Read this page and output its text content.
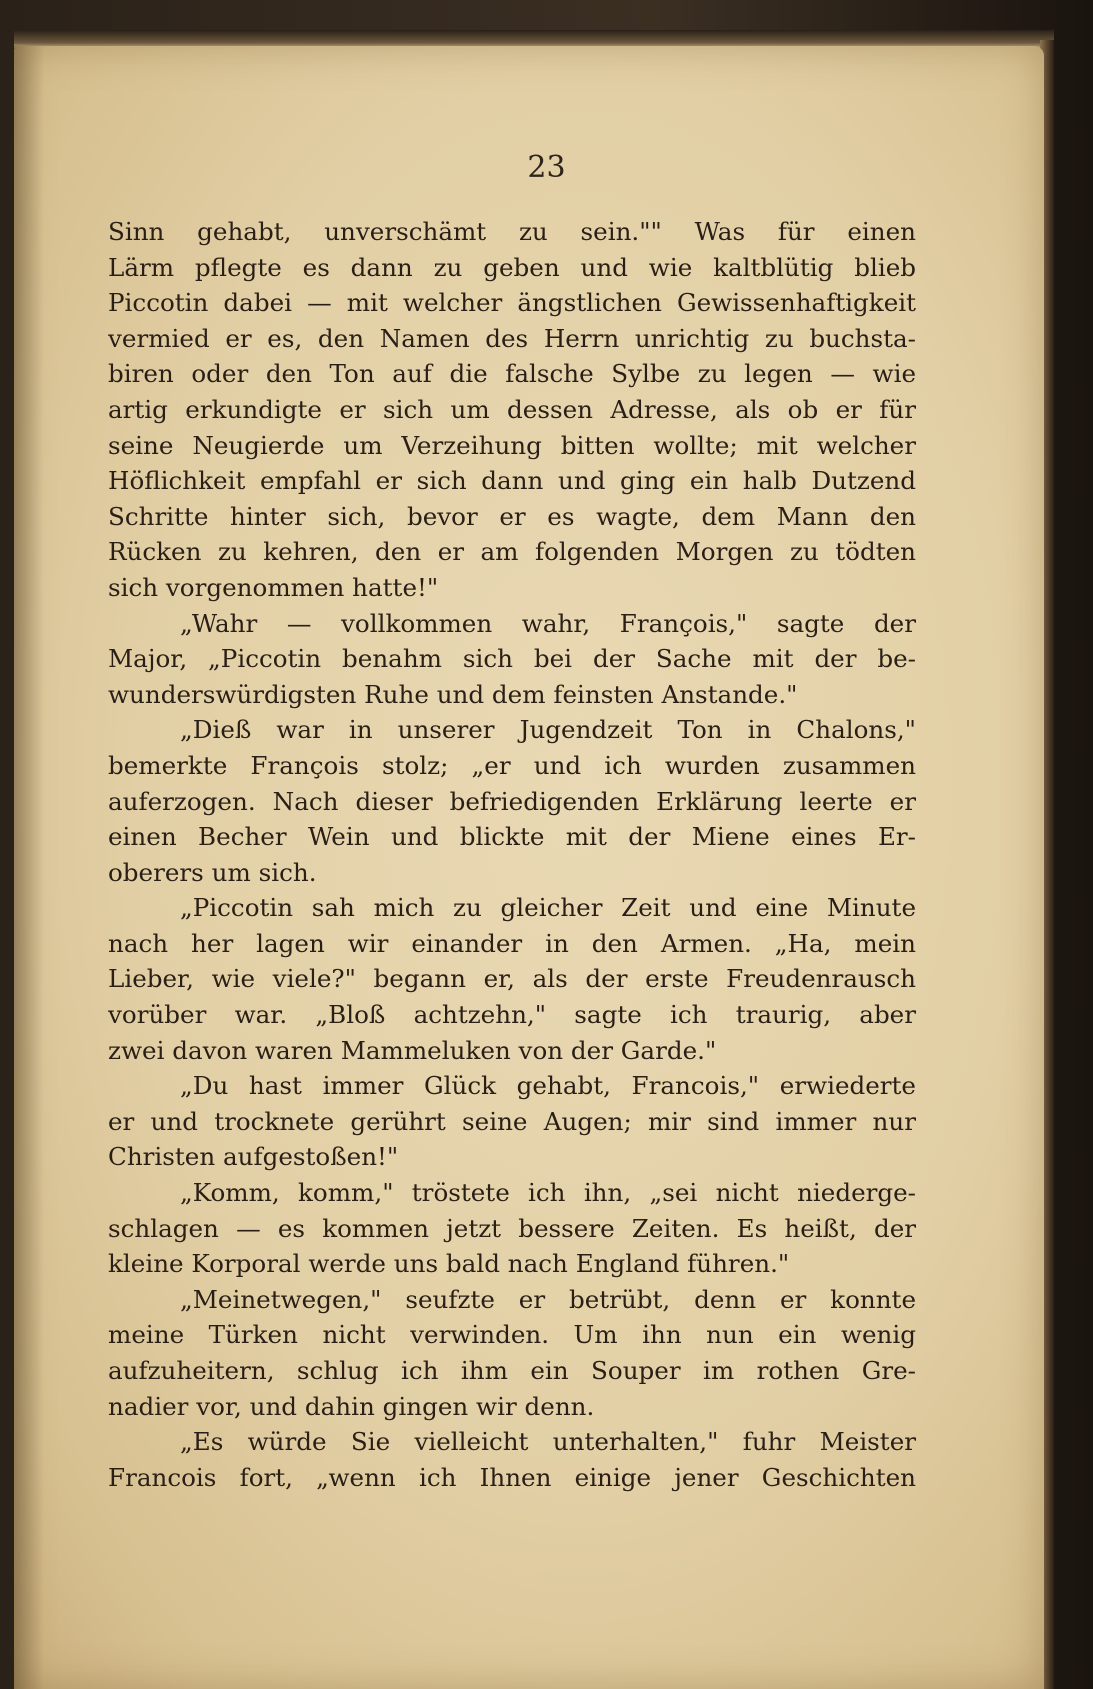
23
Sinn gehabt, unverschämt zu sein."" Was für einen
Lärm pflegte es dann zu geben und wie kaltblütig blieb
Piccotin dabei — mit welcher ängstlichen Gewissenhaftigkeit
vermied er es, den Namen des Herrn unrichtig zu buchsta-
biren oder den Ton auf die falsche Sylbe zu legen — wie
artig erkundigte er sich um dessen Adresse, als ob er für
seine Neugierde um Verzeihung bitten wollte; mit welcher
Höflichkeit empfahl er sich dann und ging ein halb Dutzend
Schritte hinter sich, bevor er es wagte, dem Mann den
Rücken zu kehren, den er am folgenden Morgen zu tödten
sich vorgenommen hatte!"
„Wahr — vollkommen wahr, François," sagte der
Major, „Piccotin benahm sich bei der Sache mit der be-
wunderswürdigsten Ruhe und dem feinsten Anstande."
„Dieß war in unserer Jugendzeit Ton in Chalons,"
bemerkte François stolz; „er und ich wurden zusammen
auferzogen. Nach dieser befriedigenden Erklärung leerte er
einen Becher Wein und blickte mit der Miene eines Er-
oberers um sich.
„Piccotin sah mich zu gleicher Zeit und eine Minute
nach her lagen wir einander in den Armen. „Ha, mein
Lieber, wie viele?" begann er, als der erste Freudenrausch
vorüber war. „Bloß achtzehn," sagte ich traurig, aber
zwei davon waren Mammeluken von der Garde."
„Du hast immer Glück gehabt, Francois," erwiederte
er und trocknete gerührt seine Augen; mir sind immer nur
Christen aufgestoßen!"
„Komm, komm," tröstete ich ihn, „sei nicht niederge-
schlagen — es kommen jetzt bessere Zeiten. Es heißt, der
kleine Korporal werde uns bald nach England führen."
„Meinetwegen," seufzte er betrübt, denn er konnte
meine Türken nicht verwinden. Um ihn nun ein wenig
aufzuheitern, schlug ich ihm ein Souper im rothen Gre-
nadier vor, und dahin gingen wir denn.
„Es würde Sie vielleicht unterhalten," fuhr Meister
Francois fort, „wenn ich Ihnen einige jener Geschichten
